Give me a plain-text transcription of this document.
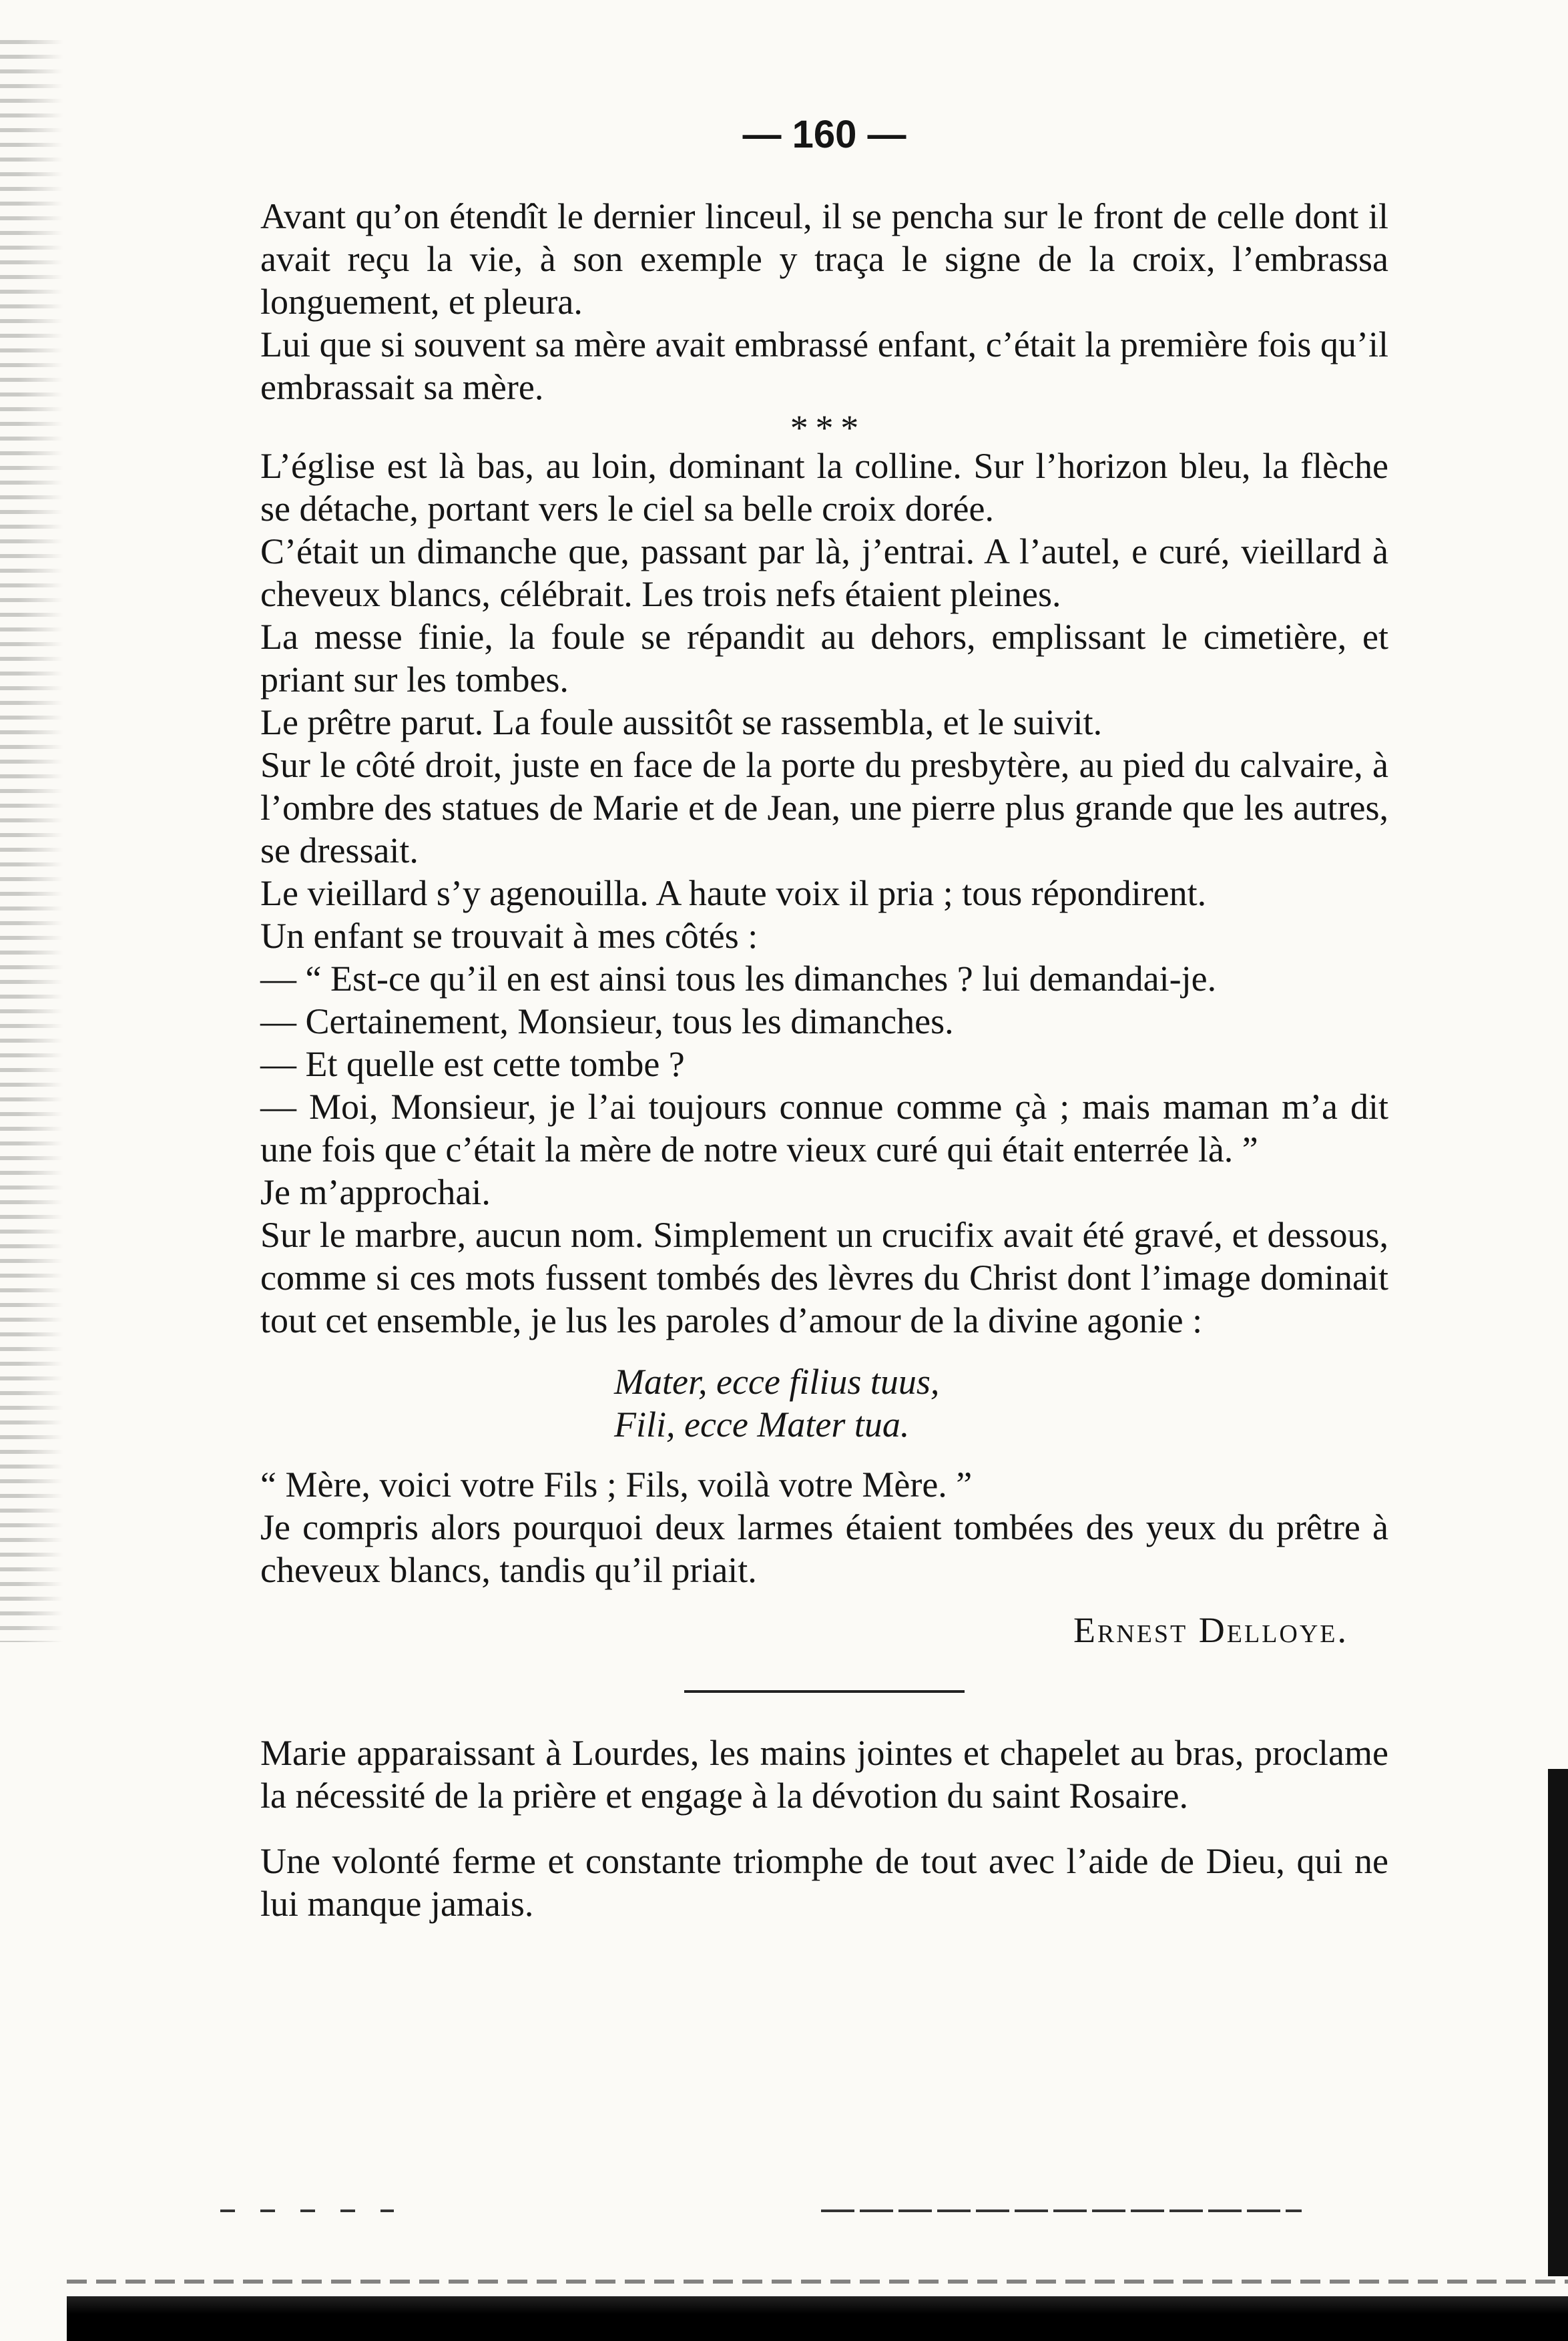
— 160 —

Avant qu’on étendît le dernier linceul, il se pencha sur le front de celle dont il avait reçu la vie, à son exemple y traça le signe de la croix, l’embrassa longuement, et pleura.

Lui que si souvent sa mère avait embrassé enfant, c’était la première fois qu’il embrassait sa mère.

* * *

L’église est là bas, au loin, dominant la colline. Sur l’horizon bleu, la flèche se détache, portant vers le ciel sa belle croix dorée.

C’était un dimanche que, passant par là, j’entrai. A l’autel, e curé, vieillard à cheveux blancs, célébrait. Les trois nefs étaient pleines.

La messe finie, la foule se répandit au dehors, emplissant le cimetière, et priant sur les tombes.

Le prêtre parut. La foule aussitôt se rassembla, et le suivit.

Sur le côté droit, juste en face de la porte du presbytère, au pied du calvaire, à l’ombre des statues de Marie et de Jean, une pierre plus grande que les autres, se dressait.

Le vieillard s’y agenouilla. A haute voix il pria ; tous répondirent.

Un enfant se trouvait à mes côtés :

— “ Est-ce qu’il en est ainsi tous les dimanches ? lui demandai-je.

— Certainement, Monsieur, tous les dimanches.

— Et quelle est cette tombe ?

— Moi, Monsieur, je l’ai toujours connue comme çà ; mais maman m’a dit une fois que c’était la mère de notre vieux curé qui était enterrée là. ”

Je m’approchai.

Sur le marbre, aucun nom. Simplement un crucifix avait été gravé, et dessous, comme si ces mots fussent tombés des lèvres du Christ dont l’image dominait tout cet ensemble, je lus les paroles d’amour de la divine agonie :

Mater, ecce filius tuus,
Fili, ecce Mater tua.

“ Mère, voici votre Fils ; Fils, voilà votre Mère. ”

Je compris alors pourquoi deux larmes étaient tombées des yeux du prêtre à cheveux blancs, tandis qu’il priait.

Ernest Delloye.

Marie apparaissant à Lourdes, les mains jointes et chapelet au bras, proclame la nécessité de la prière et engage à la dévotion du saint Rosaire.

Une volonté ferme et constante triomphe de tout avec l’aide de Dieu, qui ne lui manque jamais.
